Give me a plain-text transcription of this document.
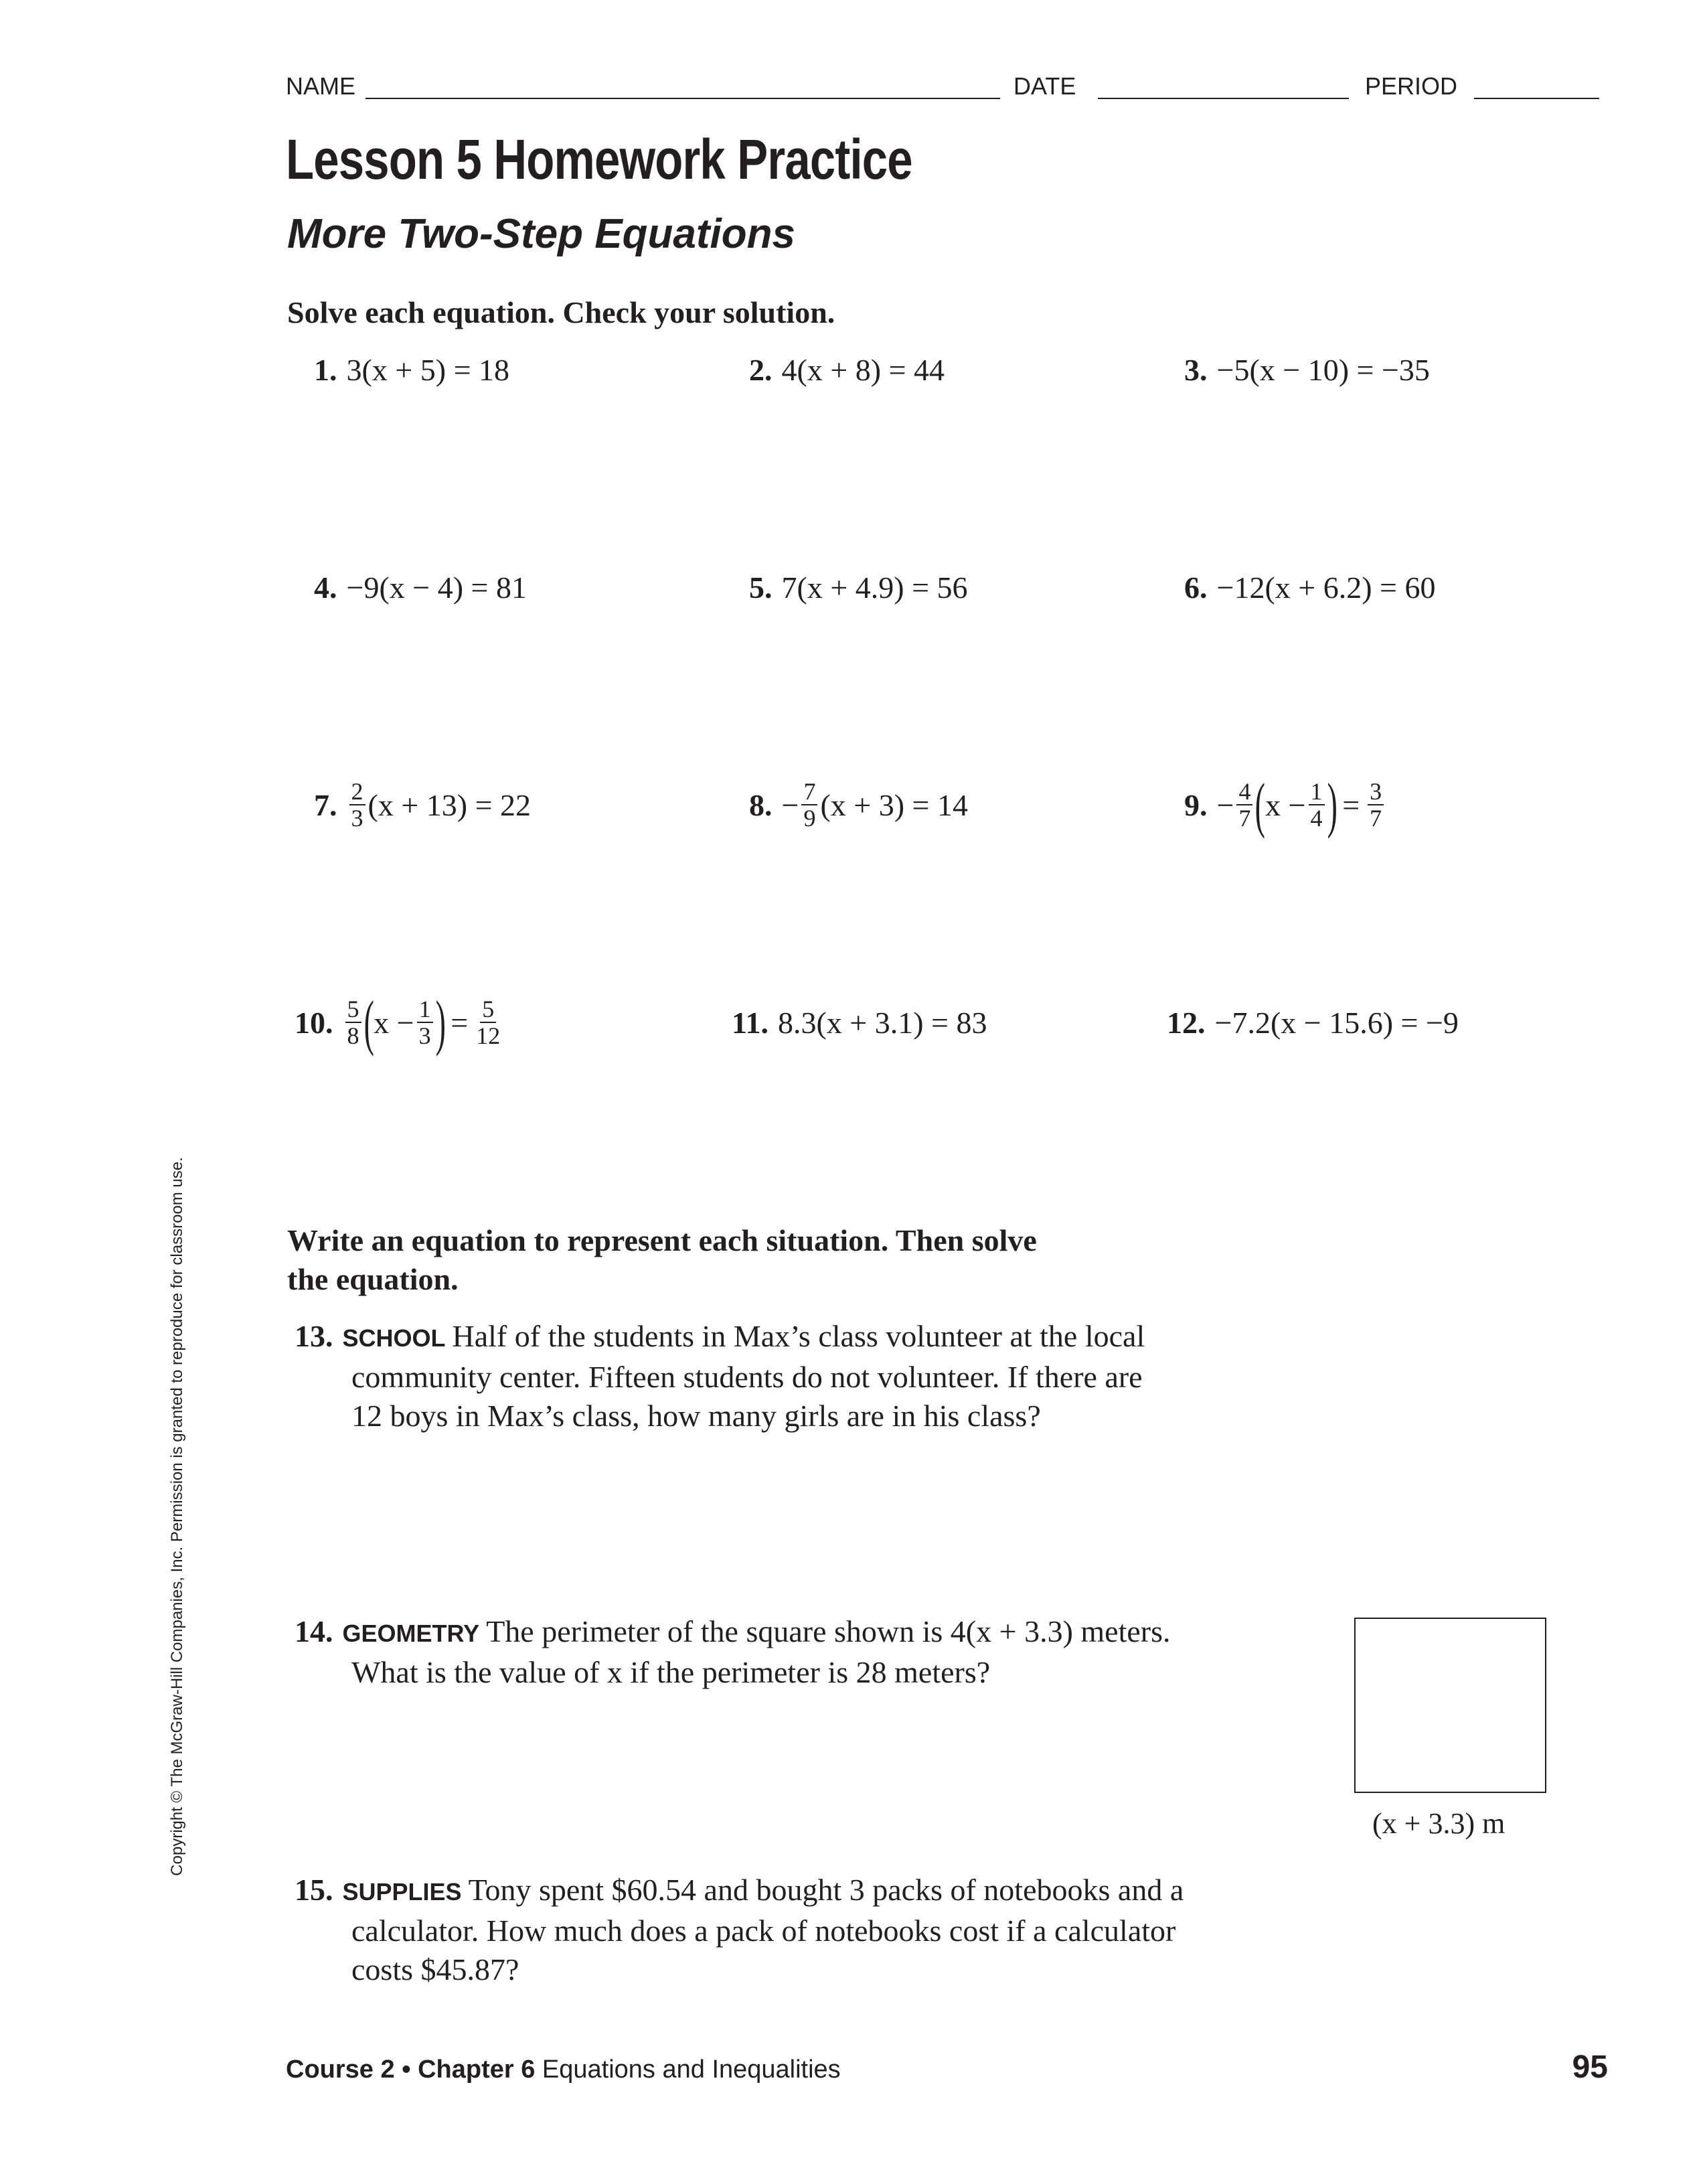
NAME	DATE	PERIOD
Lesson 5 Homework Practice
More Two-Step Equations
Solve each equation. Check your solution.
1. 3(x + 5) = 18	2. 4(x + 8) = 44	3. −5(x − 10) = −35
4. −9(x − 4) = 81	5. 7(x + 4.9) = 56	6. −12(x + 6.2) = 60
7. $\frac{2}{3} (x + 13) = 22$	8. − $\frac{7}{9} (x + 3) = 14$	9. − $\frac{4}{7}$ ( $x - \frac{1}{4}$ ) = $\frac{3}{7}$
10. $\frac{5}{8}$ ( $x - \frac{1}{3}$ ) = $\frac{5}{12}$	11. 8.3(x + 3.1) = 83	12. −7.2(x − 15.6) = −9
Write an equation to represent each situation. Then solve
the equation.
13. SCHOOL Half of the students in Max’s class volunteer at the local
community center. Fifteen students do not volunteer. If there are
12 boys in Max’s class, how many girls are in his class?
14. GEOMETRY The perimeter of the square shown is 4(x + 3.3) meters.
What is the value of x if the perimeter is 28 meters?
(x + 3.3) m
15. SUPPLIES Tony spent $60.54 and bought 3 packs of notebooks and a
calculator. How much does a pack of notebooks cost if a calculator
costs $45.87?
Course 2 • Chapter 6 Equations and Inequalities	95
Copyright © The McGraw-Hill Companies, Inc. Permission is granted to reproduce for classroom use.
